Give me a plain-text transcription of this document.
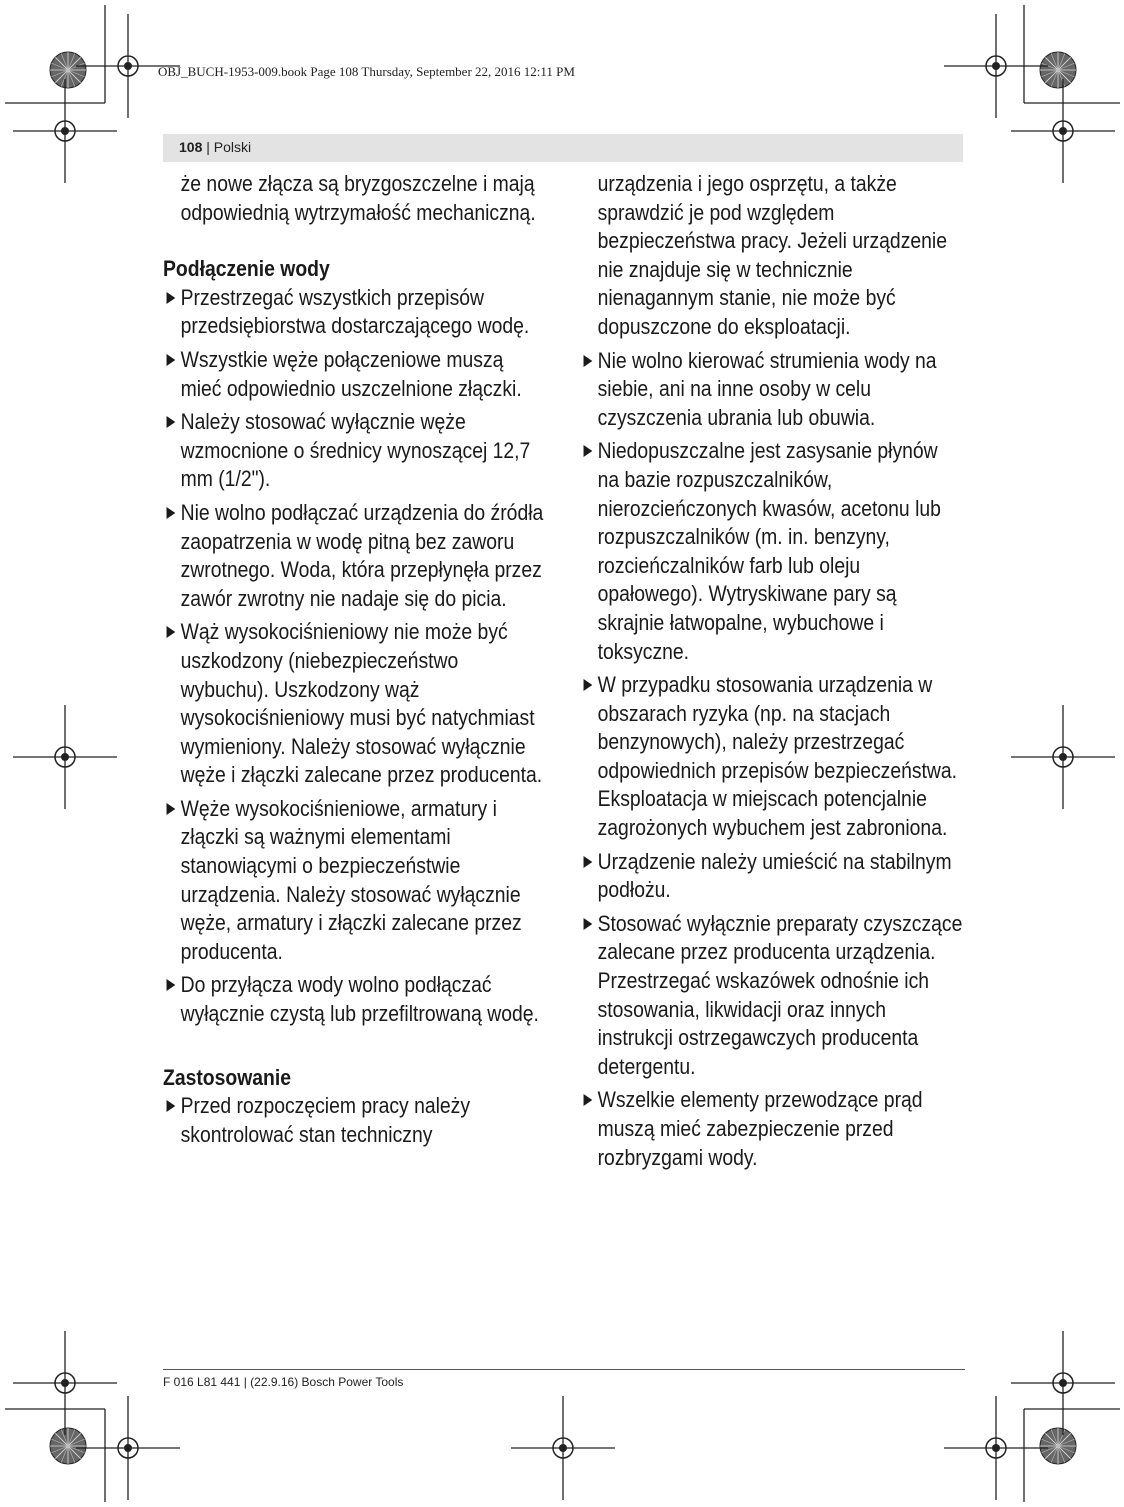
OBJ_BUCH-1953-009.book Page 108 Thursday, September 22, 2016 12:11 PM
108 | Polski

że nowe złącza są bryzgoszczelne i mają odpowiednią wytrzymałość mechaniczną.

Podłączenie wody

Przestrzegać wszystkich przepisów przedsiębiorstwa dostarczającego wodę.
Wszystkie węże połączeniowe muszą mieć odpowiednio uszczelnione złączki.
Należy stosować wyłącznie węże wzmocnione o średnicy wynoszącej 12,7 mm (1/2").
Nie wolno podłączać urządzenia do źródła zaopatrzenia w wodę pitną bez zaworu zwrotnego. Woda, która przepłynęła przez zawór zwrotny nie nadaje się do picia.
Wąż wysokociśnieniowy nie może być uszkodzony (niebezpieczeństwo wybuchu). Uszkodzony wąż wysokociśnieniowy musi być natychmiast wymieniony. Należy stosować wyłącznie węże i złączki zalecane przez producenta.
Węże wysokociśnieniowe, armatury i złączki są ważnymi elementami stanowiącymi o bezpieczeństwie urządzenia. Należy stosować wyłącznie węże, armatury i złączki zalecane przez producenta.
Do przyłącza wody wolno podłączać wyłącznie czystą lub przefiltrowaną wodę.

Zastosowanie

Przed rozpoczęciem pracy należy skontrolować stan techniczny

urządzenia i jego osprzętu, a także sprawdzić je pod względem bezpieczeństwa pracy. Jeżeli urządzenie nie znajduje się w technicznie nienagannym stanie, nie może być dopuszczone do eksploatacji.

Nie wolno kierować strumienia wody na siebie, ani na inne osoby w celu czyszczenia ubrania lub obuwia.
Niedopuszczalne jest zasysanie płynów na bazie rozpuszczalników, nierozcieńczonych kwasów, acetonu lub rozpuszczalników (m. in. benzyny, rozcieńczalników farb lub oleju opałowego). Wytryskiwane pary są skrajnie łatwopalne, wybuchowe i toksyczne.
W przypadku stosowania urządzenia w obszarach ryzyka (np. na stacjach benzynowych), należy przestrzegać odpowiednich przepisów bezpieczeństwa. Eksploatacja w miejscach potencjalnie zagrożonych wybuchem jest zabroniona.
Urządzenie należy umieścić na stabilnym podłożu.
Stosować wyłącznie preparaty czyszczące zalecane przez producenta urządzenia. Przestrzegać wskazówek odnośnie ich stosowania, likwidacji oraz innych instrukcji ostrzegawczych producenta detergentu.
Wszelkie elementy przewodzące prąd muszą mieć zabezpieczenie przed rozbryzgami wody.
F 016 L81 441 | (22.9.16) Bosch Power Tools
